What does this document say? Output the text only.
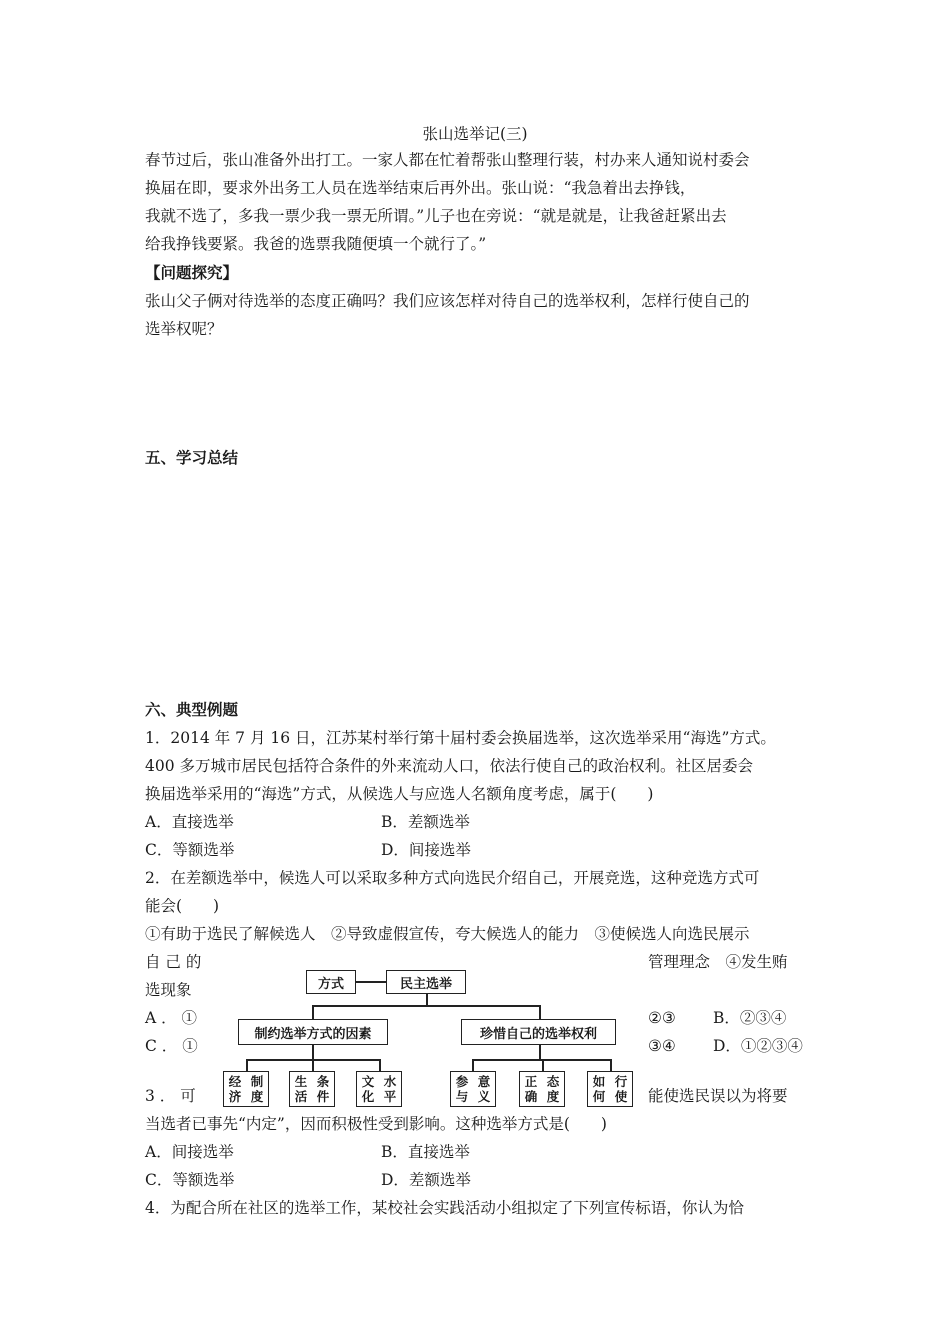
张山选举记(三)
春节过后，张山准备外出打工。一家人都在忙着帮张山整理行装，村办来人通知说村委会
换届在即，要求外出务工人员在选举结束后再外出。张山说：“我急着出去挣钱，
我就不选了，多我一票少我一票无所谓。”儿子也在旁说：“就是就是，让我爸赶紧出去
给我挣钱要紧。我爸的选票我随便填一个就行了。”
【问题探究】
张山父子俩对待选举的态度正确吗？我们应该怎样对待自己的选举权利，怎样行使自己的
选举权呢？
五、学习总结
六、典型例题
1．2014 年 7 月 16 日，江苏某村举行第十届村委会换届选举，这次选举采用“海选”方式。
400 多万城市居民包括符合条件的外来流动人口，依法行使自己的政治权利。社区居委会
换届选举采用的“海选”方式，从候选人与应选人名额角度考虑，属于(　　)
A．直接选举	B．差额选举
C．等额选举	D．间接选举
2．在差额选举中，候选人可以采取多种方式向选民介绍自己，开展竞选，这种竞选方式可
能会(　　)
①有助于选民了解候选人　②导致虚假宣传，夸大候选人的能力　③使候选人向选民展示
自 己 的	管理理念　④发生贿
选现象
A ． ①	②③ B．②③④
C ． ①	③④ D．①②③④
3 ． 可	能使选民误以为将要
当选者已事先“内定”，因而积极性受到影响。这种选举方式是(　　)
A．间接选举	B．直接选举
C．等额选举	D．差额选举
4．为配合所在社区的选举工作，某校社会实践活动小组拟定了下列宣传标语，你认为恰
方式	民主选举
制约选举方式的因素	珍惜自己的选举权利
经济

制度
生活

条件
文化

水平
参与

意义
正确

态度
如何

行使
